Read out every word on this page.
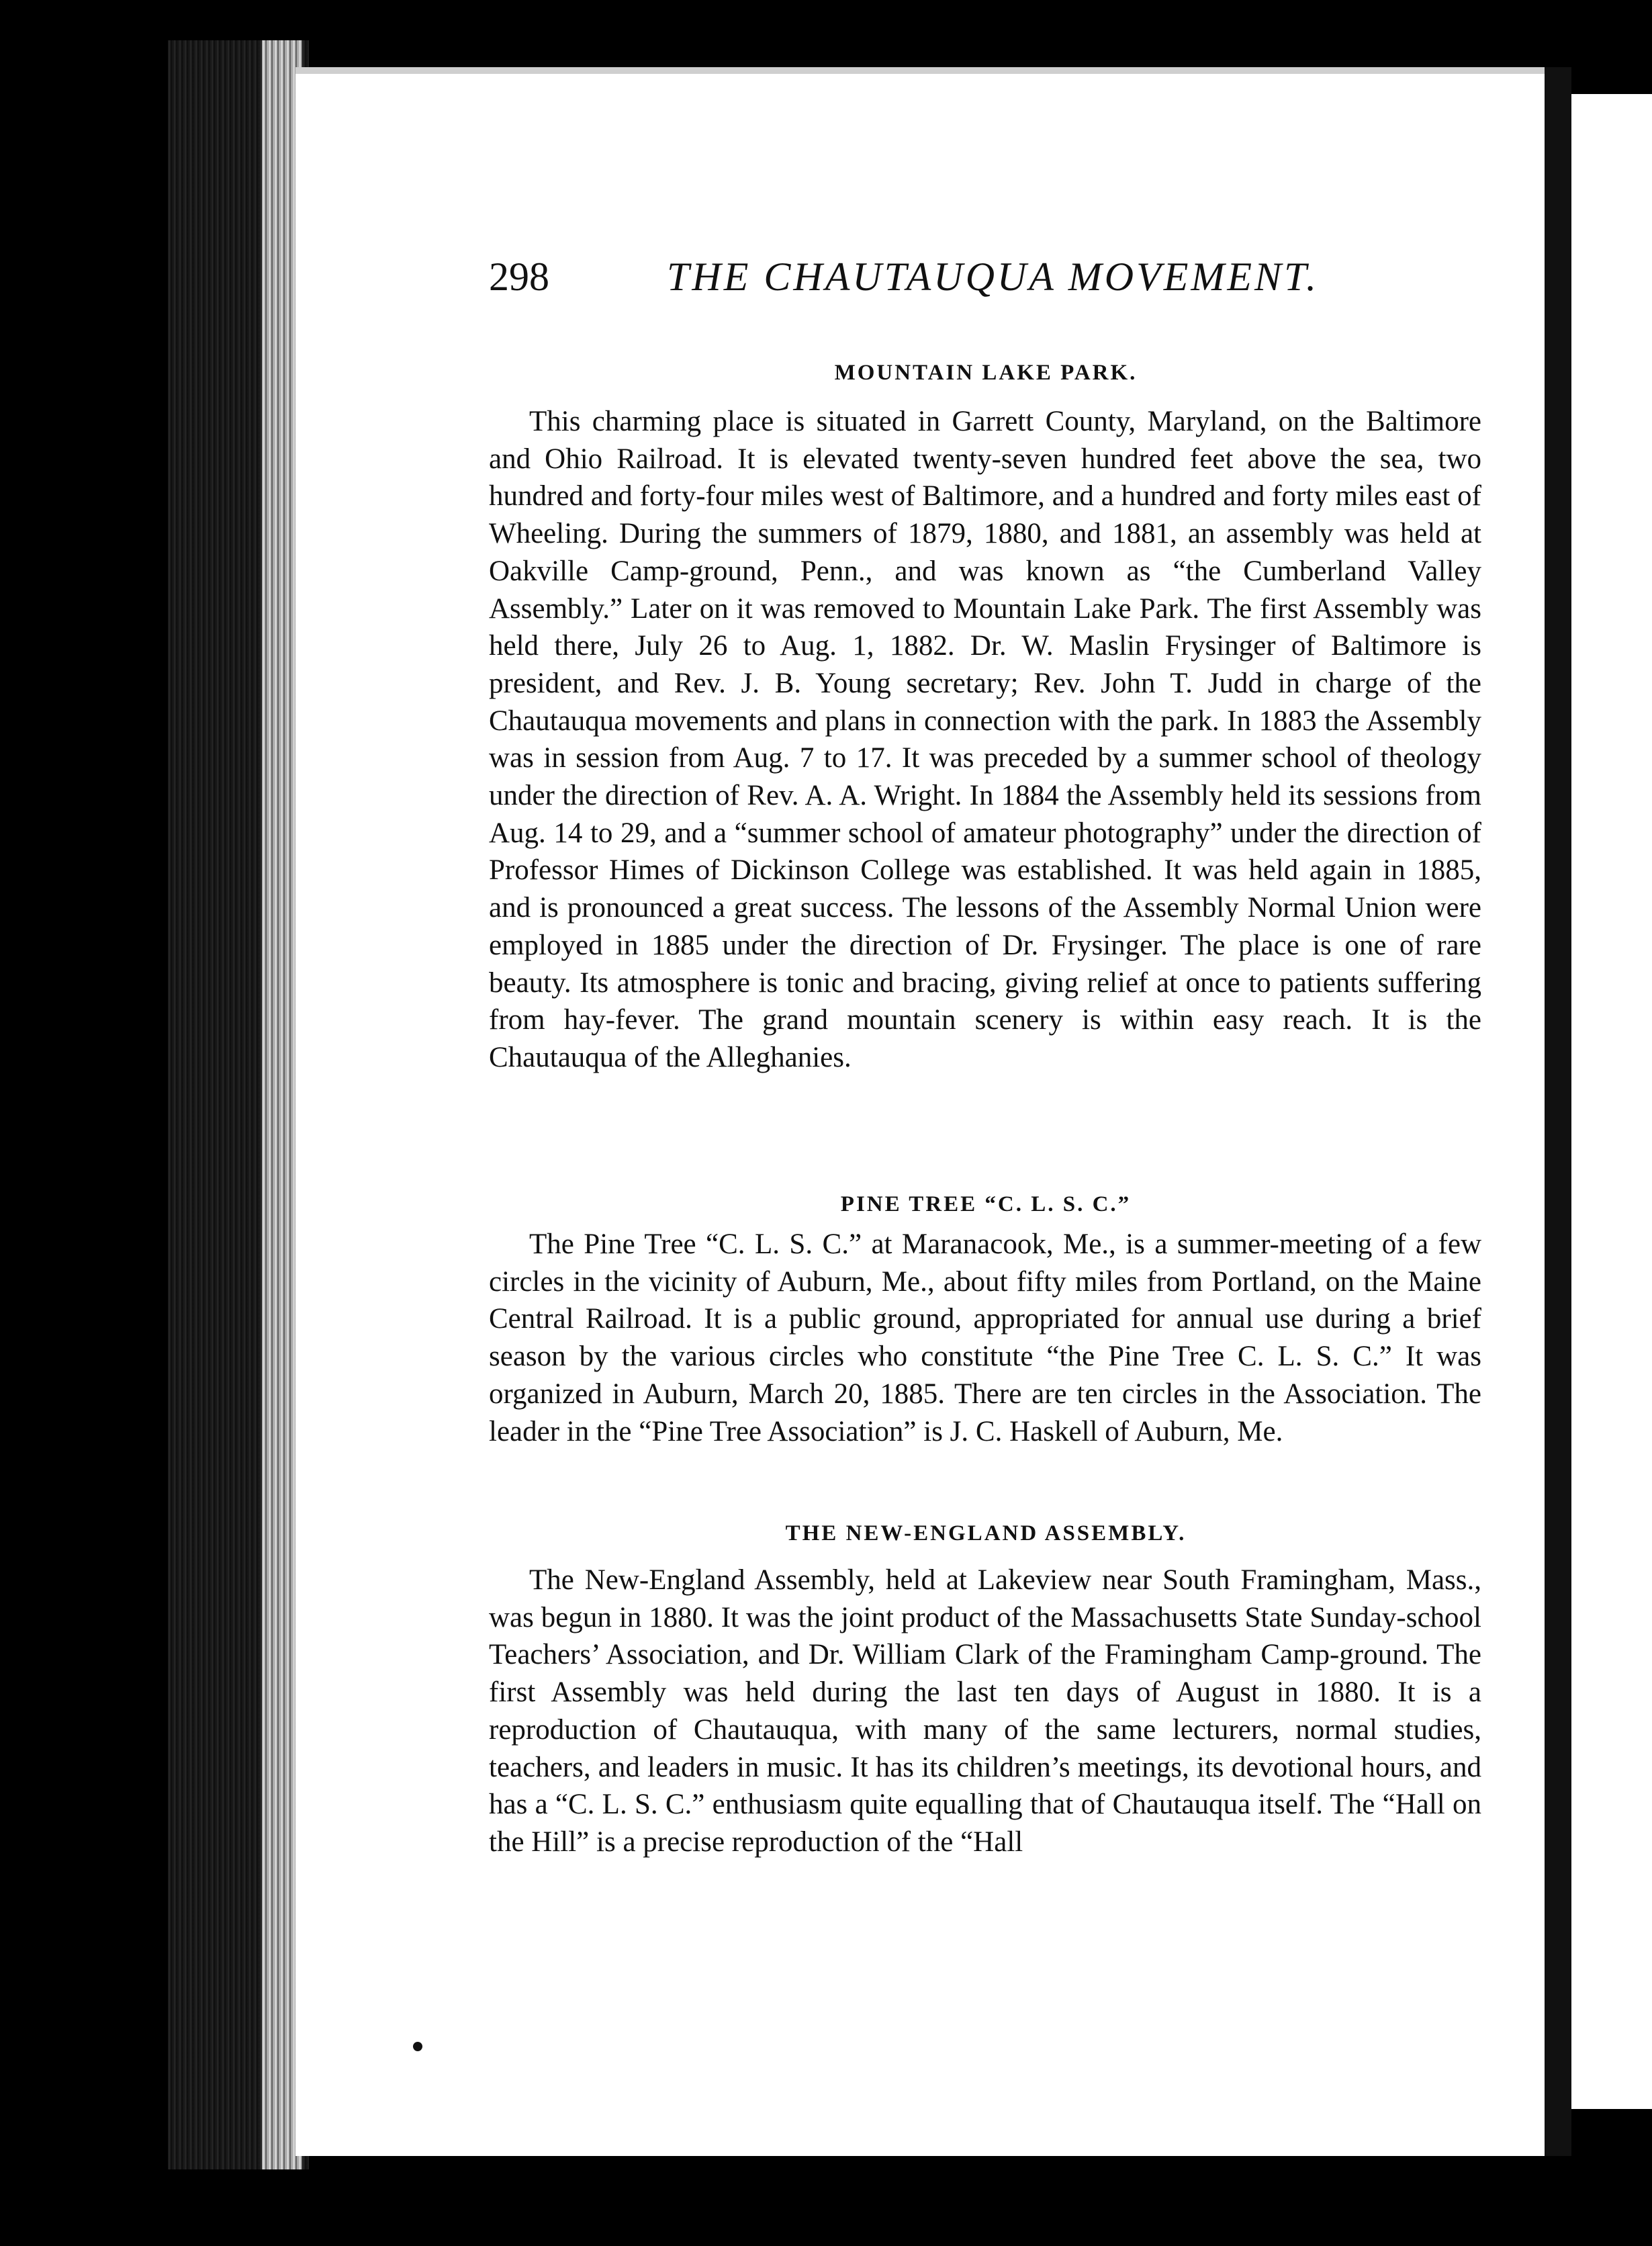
298	THE CHAUTAUQUA MOVEMENT.
MOUNTAIN LAKE PARK.

This charming place is situated in Garrett County, Maryland, on the Baltimore and Ohio Railroad. It is elevated twenty-seven hundred feet above the sea, two hundred and forty-four miles west of Baltimore, and a hundred and forty miles east of Wheeling. During the summers of 1879, 1880, and 1881, an assembly was held at Oakville Camp-ground, Penn., and was known as “the Cumberland Valley Assembly.” Later on it was removed to Mountain Lake Park. The first Assembly was held there, July 26 to Aug. 1, 1882. Dr. W. Maslin Frysinger of Baltimore is president, and Rev. J. B. Young secretary; Rev. John T. Judd in charge of the Chautauqua movements and plans in connection with the park. In 1883 the Assembly was in session from Aug. 7 to 17. It was preceded by a summer school of theology under the direction of Rev. A. A. Wright. In 1884 the Assembly held its sessions from Aug. 14 to 29, and a “summer school of amateur photography” under the direction of Professor Himes of Dickinson College was established. It was held again in 1885, and is pronounced a great success. The lessons of the Assembly Normal Union were employed in 1885 under the direction of Dr. Frysinger. The place is one of rare beauty. Its atmosphere is tonic and bracing, giving relief at once to patients suffering from hay-fever. The grand mountain scenery is within easy reach. It is the Chautauqua of the Alleghanies.

PINE TREE “C. L. S. C.”

The Pine Tree “C. L. S. C.” at Maranacook, Me., is a summer-meeting of a few circles in the vicinity of Auburn, Me., about fifty miles from Portland, on the Maine Central Railroad. It is a public ground, appropriated for annual use during a brief season by the various circles who constitute “the Pine Tree C. L. S. C.” It was organized in Auburn, March 20, 1885. There are ten circles in the Association. The leader in the “Pine Tree Association” is J. C. Haskell of Auburn, Me.

THE NEW-ENGLAND ASSEMBLY.

The New-England Assembly, held at Lakeview near South Framingham, Mass., was begun in 1880. It was the joint product of the Massachusetts State Sunday-school Teachers’ Association, and Dr. William Clark of the Framingham Camp-ground. The first Assembly was held during the last ten days of August in 1880. It is a reproduction of Chautauqua, with many of the same lecturers, normal studies, teachers, and leaders in music. It has its children’s meetings, its devotional hours, and has a “C. L. S. C.” enthusiasm quite equalling that of Chautauqua itself. The “Hall on the Hill” is a precise reproduction of the “Hall
